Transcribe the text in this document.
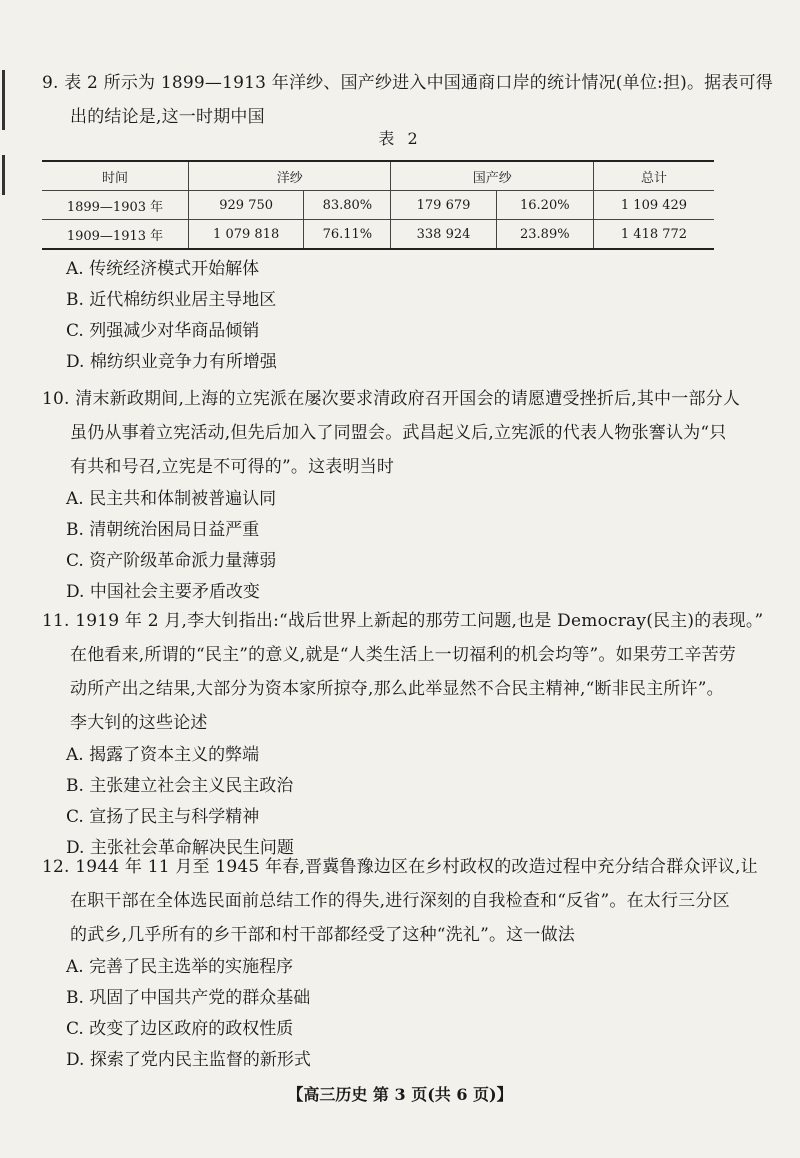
9. 表 2 所示为 1899—1913 年洋纱、国产纱进入中国通商口岸的统计情况(单位:担)。据表可得
出的结论是,这一时期中国
表 2
时间	洋纱		国产纱		总计
1899—1903 年	929 750	83.80%	179 679	16.20%	1 109 429
1909—1913 年	1 079 818	76.11%	338 924	23.89%	1 418 772
A. 传统经济模式开始解体
B. 近代棉纺织业居主导地区
C. 列强减少对华商品倾销
D. 棉纺织业竞争力有所增强
10. 清末新政期间,上海的立宪派在屡次要求清政府召开国会的请愿遭受挫折后,其中一部分人
虽仍从事着立宪活动,但先后加入了同盟会。武昌起义后,立宪派的代表人物张謇认为“只
有共和号召,立宪是不可得的”。这表明当时
A. 民主共和体制被普遍认同
B. 清朝统治困局日益严重
C. 资产阶级革命派力量薄弱
D. 中国社会主要矛盾改变
11. 1919 年 2 月,李大钊指出:“战后世界上新起的那劳工问题,也是 Democray(民主)的表现。”
在他看来,所谓的“民主”的意义,就是“人类生活上一切福利的机会均等”。如果劳工辛苦劳
动所产出之结果,大部分为资本家所掠夺,那么此举显然不合民主精神,“断非民主所许”。
李大钊的这些论述
A. 揭露了资本主义的弊端
B. 主张建立社会主义民主政治
C. 宣扬了民主与科学精神
D. 主张社会革命解决民生问题
12. 1944 年 11 月至 1945 年春,晋冀鲁豫边区在乡村政权的改造过程中充分结合群众评议,让
在职干部在全体选民面前总结工作的得失,进行深刻的自我检查和“反省”。在太行三分区
的武乡,几乎所有的乡干部和村干部都经受了这种“洗礼”。这一做法
A. 完善了民主选举的实施程序
B. 巩固了中国共产党的群众基础
C. 改变了边区政府的政权性质
D. 探索了党内民主监督的新形式
【高三历史 第 3 页(共 6 页)】
